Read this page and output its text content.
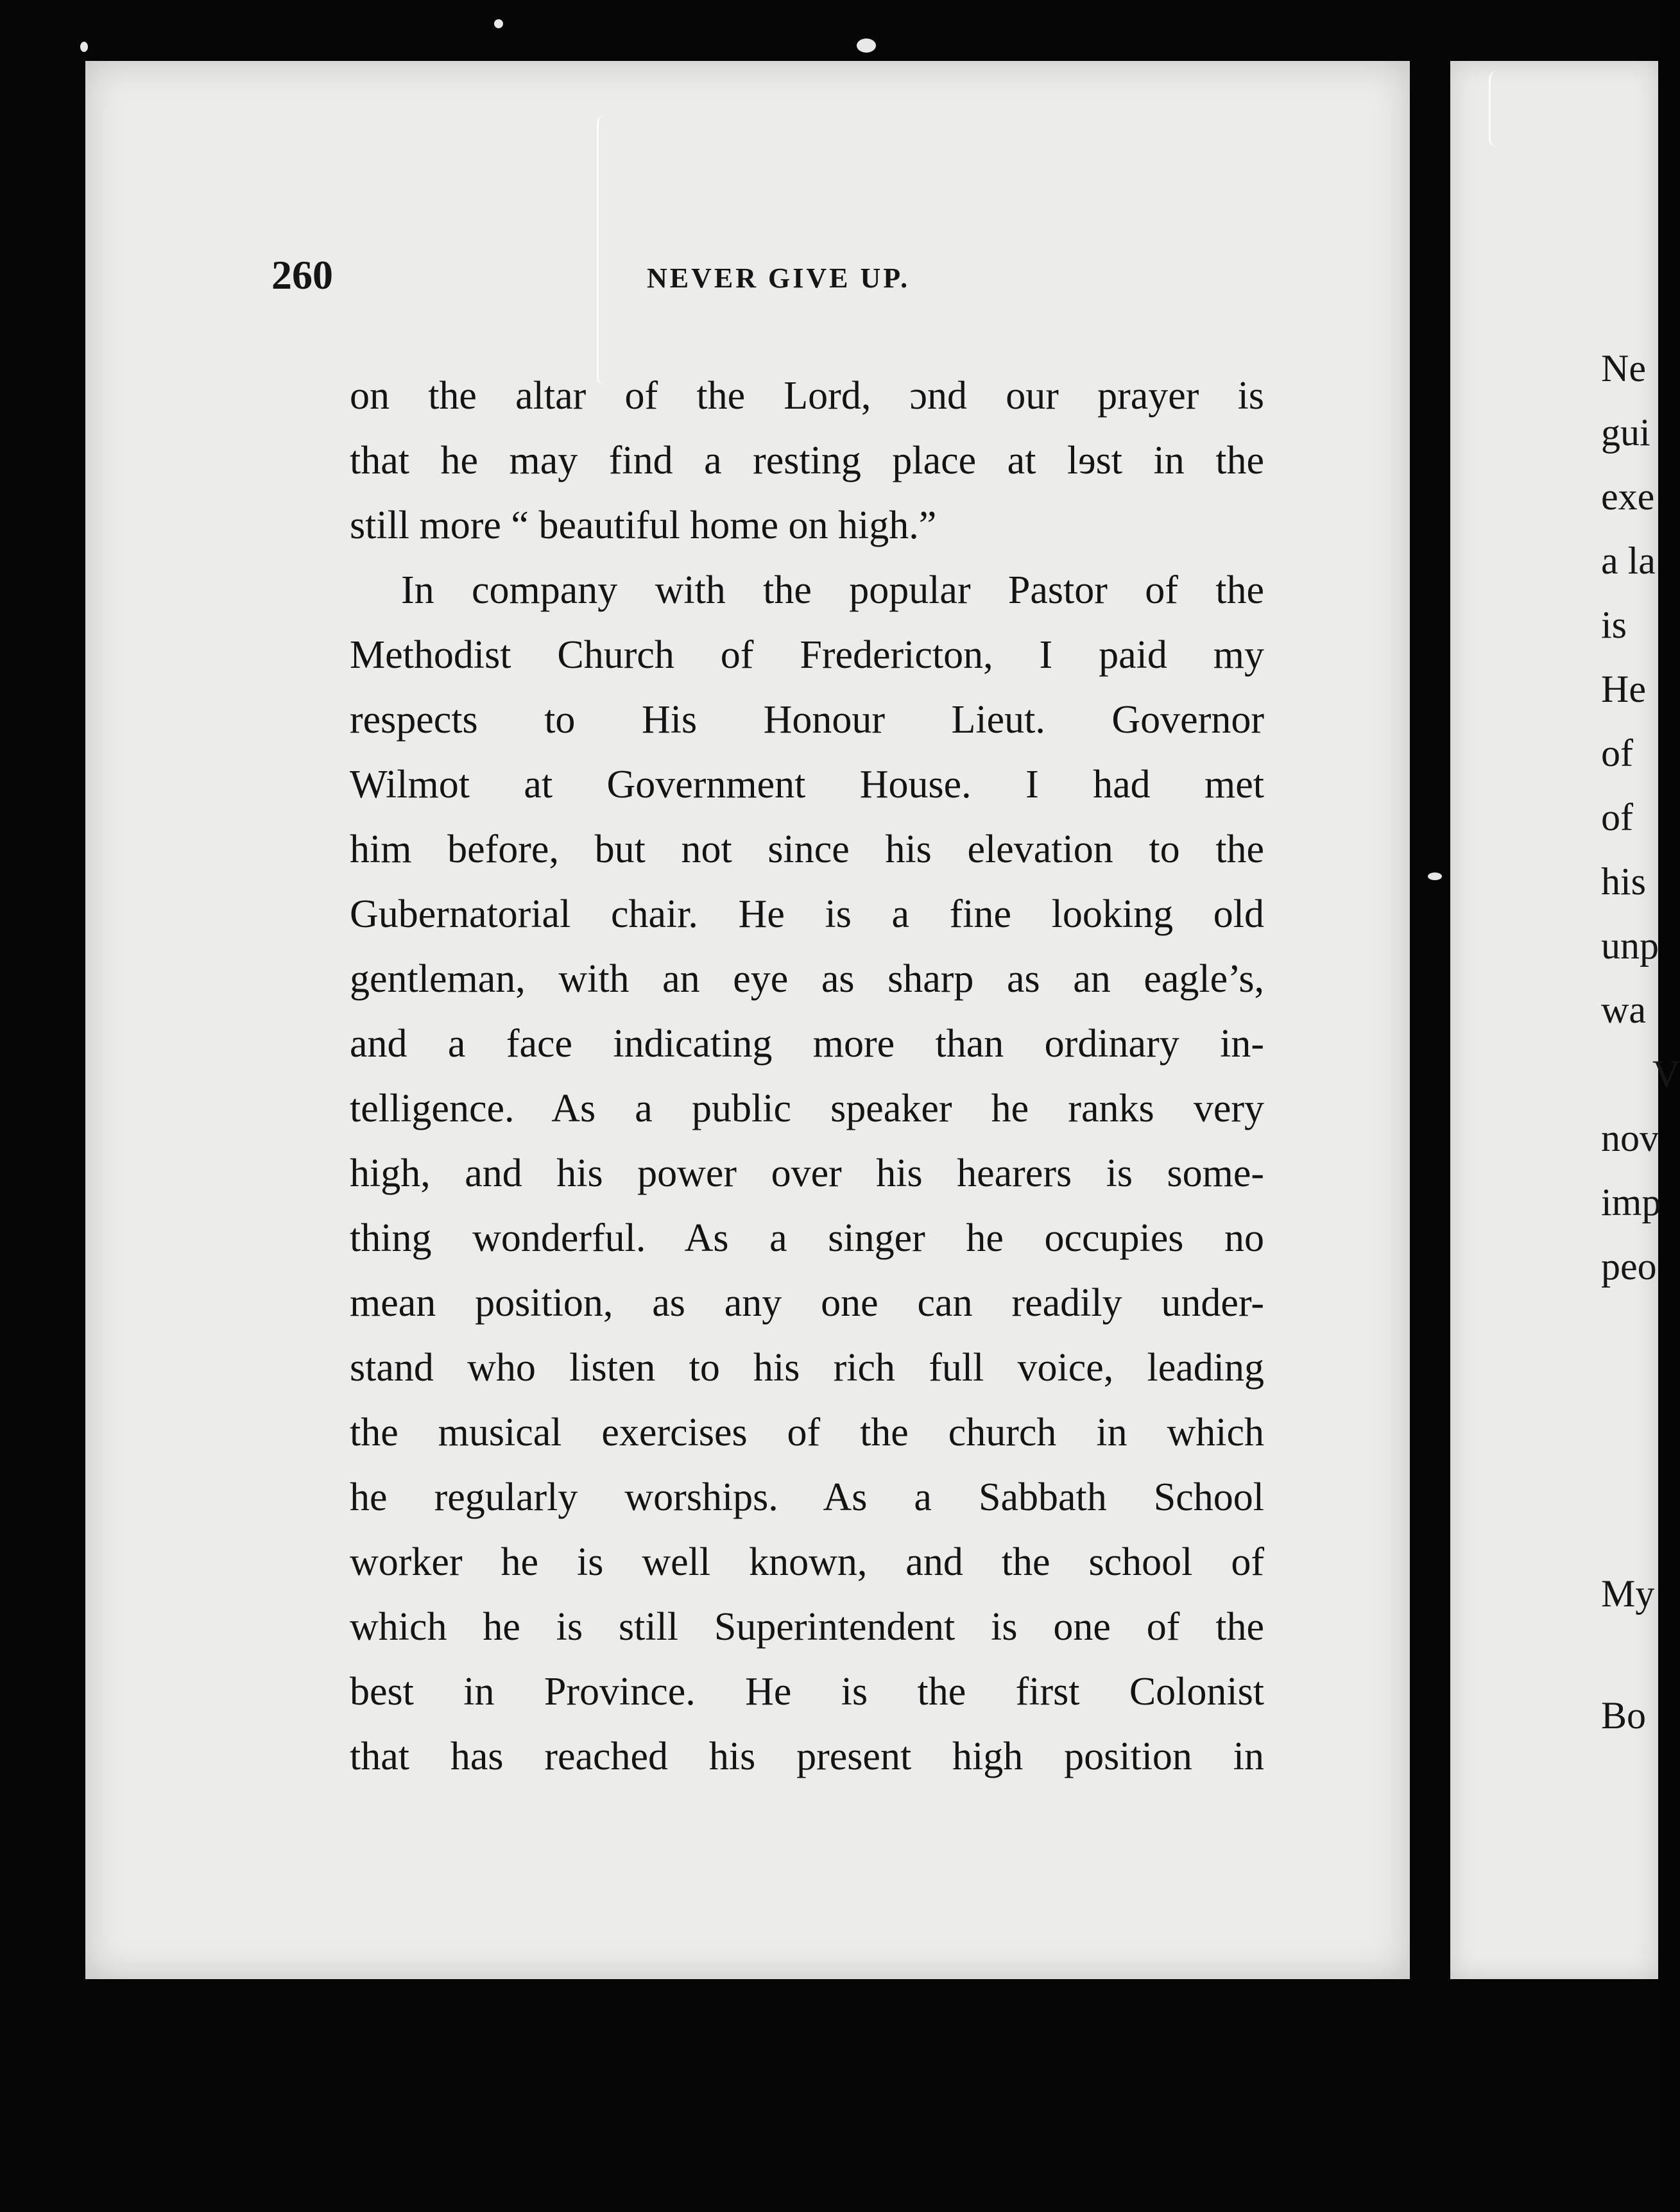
260	NEVER GIVE UP.
on the altar of the Lord, ɔnd our prayer is
that he may find a resting place at lɘst in the
still more “ beautiful home on high.”
In company with the popular Pastor of the
Methodist Church of Fredericton, I paid my
respects to His Honour Lieut. Governor
Wilmot at Government House. I had met
him before, but not since his elevation to the
Gubernatorial chair. He is a fine looking old
gentleman, with an eye as sharp as an eagle’s,
and a face indicating more than ordinary in-
telligence. As a public speaker he ranks very
high, and his power over his hearers is some-
thing wonderful. As a singer he occupies no
mean position, as any one can readily under-
stand who listen to his rich full voice, leading
the musical exercises of the church in which
he regularly worships. As a Sabbath School
worker he is well known, and the school of
which he is still Superintendent is one of the
best in Province. He is the first Colonist
that has reached his present high position in
Ne
gui
exe
a la
is
He
of
of
his
unp
wa
V
nov
imp
peo
My
Bo
